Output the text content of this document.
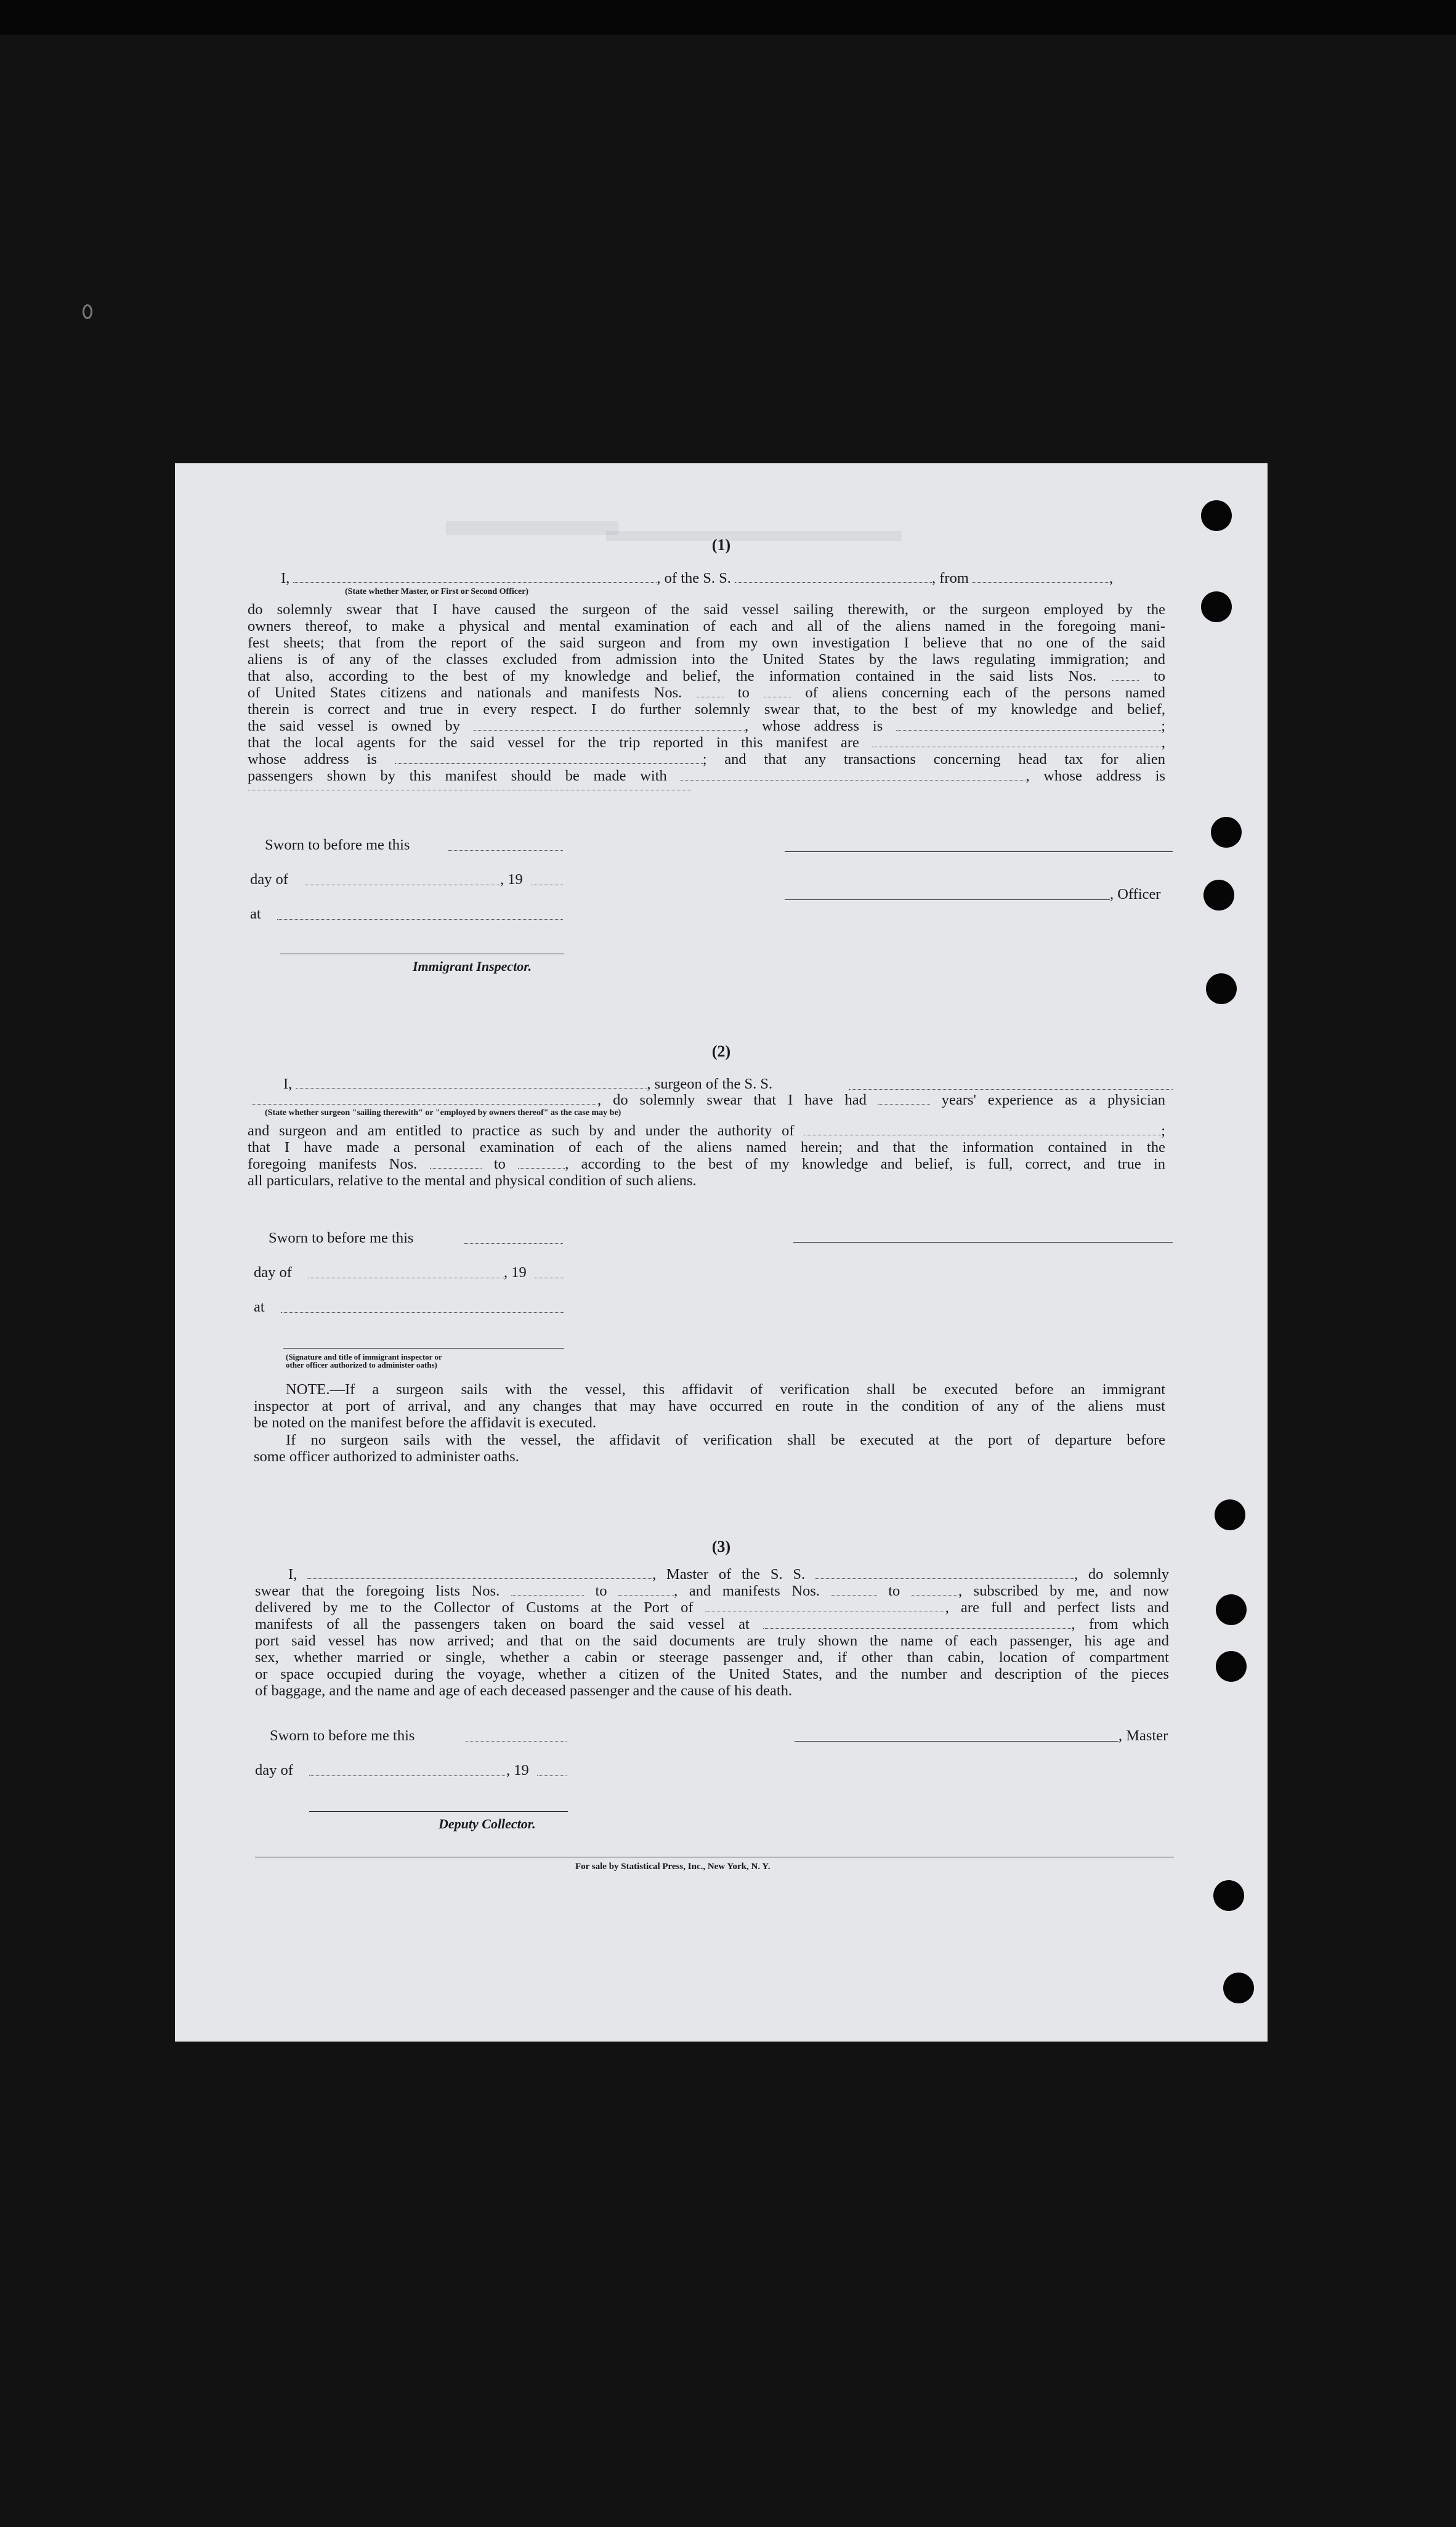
(1)
I,	, of the S. S.	, from	,
(State whether Master, or First or Second Officer)
do solemnly swear that I have caused the surgeon of the said vessel sailing therewith, or the surgeon employed by the
owners thereof, to make a physical and mental examination of each and all of the aliens named in the foregoing mani-
fest sheets; that from the report of the said surgeon and from my own investigation I believe that no one of the said
aliens is of any of the classes excluded from admission into the United States by the laws regulating immigration; and
that also, according to the best of my knowledge and belief, the information contained in the said lists Nos.	to
of United States citizens and nationals and manifests Nos.	to	of aliens concerning each of the persons named
therein is correct and true in every respect. I do further solemnly swear that, to the best of my knowledge and belief,
the said vessel is owned by	, whose address is	;
that the local agents for the said vessel for the trip reported in this manifest are	,
whose address is	; and that any transactions concerning head tax for alien
passengers shown by this manifest should be made with	, whose address is
Sworn to before me this
day of	, 19
, Officer
at
Immigrant Inspector.
(2)
I,	, surgeon of the S. S.
, do solemnly swear that I have had	years' experience as a physician
(State whether surgeon "sailing therewith" or "employed by owners thereof" as the case may be)
and surgeon and am entitled to practice as such by and under the authority of	;
that I have made a personal examination of each of the aliens named herein; and that the information contained in the
foregoing manifests Nos.	to	, according to the best of my knowledge and belief, is full, correct, and true in
all particulars, relative to the mental and physical condition of such aliens.
Sworn to before me this
day of	, 19
at
(Signature and title of immigrant inspector or
other officer authorized to administer oaths)
NOTE.—If a surgeon sails with the vessel, this affidavit of verification shall be executed before an immigrant
inspector at port of arrival, and any changes that may have occurred en route in the condition of any of the aliens must
be noted on the manifest before the affidavit is executed.
If no surgeon sails with the vessel, the affidavit of verification shall be executed at the port of departure before
some officer authorized to administer oaths.
(3)
I,	, Master of the S. S.	, do solemnly
swear that the foregoing lists Nos.	to	, and manifests Nos.	to	, subscribed by me, and now
delivered by me to the Collector of Customs at the Port of	, are full and perfect lists and
manifests of all the passengers taken on board the said vessel at	, from which
port said vessel has now arrived; and that on the said documents are truly shown the name of each passenger, his age and
sex, whether married or single, whether a cabin or steerage passenger and, if other than cabin, location of compartment
or space occupied during the voyage, whether a citizen of the United States, and the number and description of the pieces
of baggage, and the name and age of each deceased passenger and the cause of his death.
Sworn to before me this	, Master
day of	, 19
Deputy Collector.
For sale by Statistical Press, Inc., New York, N. Y.
